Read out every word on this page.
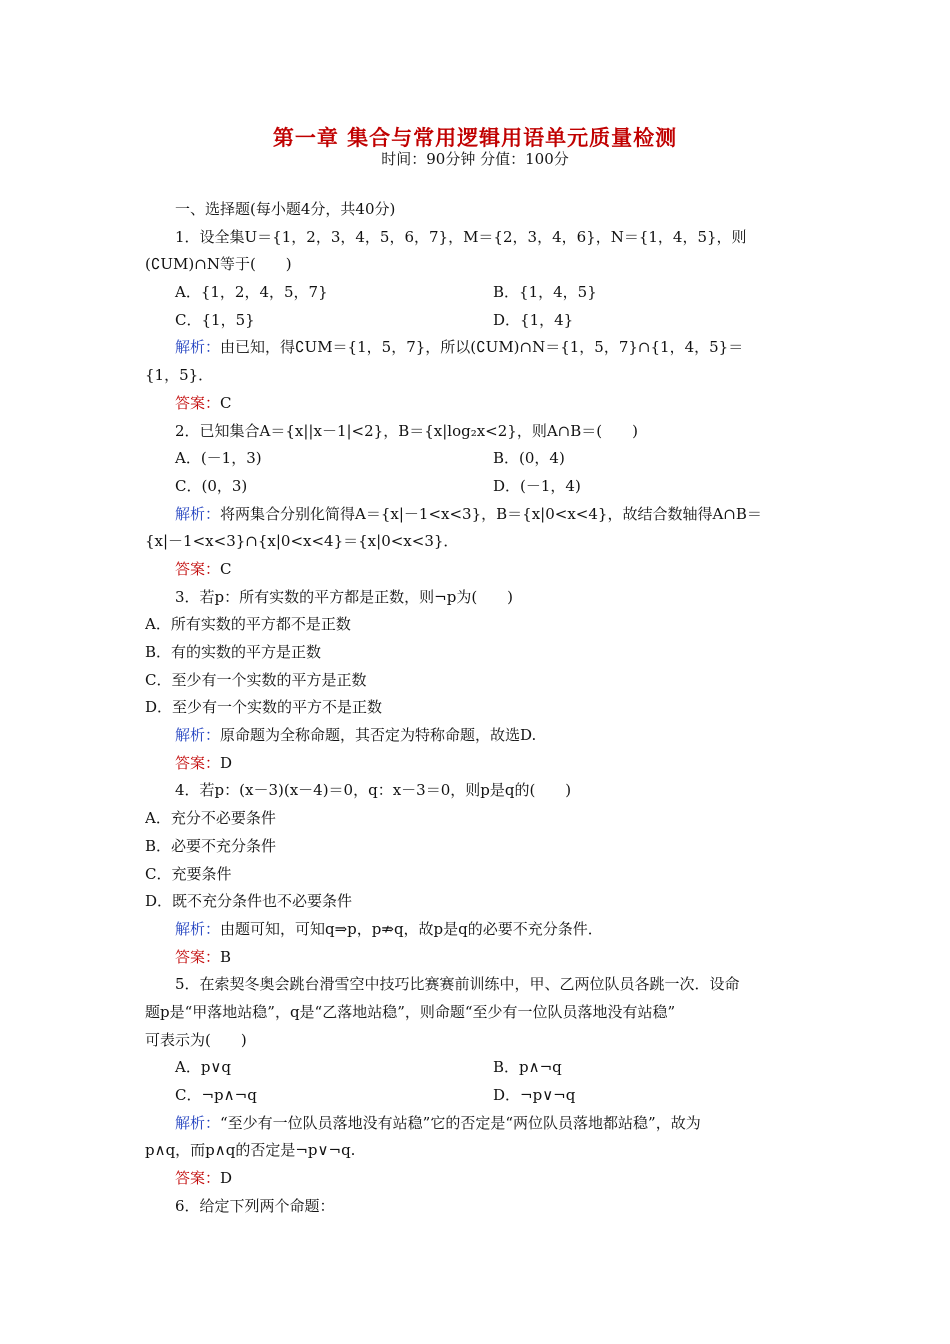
第一章 集合与常用逻辑用语单元质量检测
时间：90分钟 分值：100分
一、选择题(每小题4分，共40分)
1．设全集U＝{1，2，3，4，5，6，7}，M＝{2，3，4，6}，N＝{1，4，5}，则
(∁UM)∩N等于(　　)
A．{1，2，4，5，7}	B．{1，4，5}
C．{1，5}	D．{1，4}
解析：由已知，得∁UM＝{1，5，7}，所以(∁UM)∩N＝{1，5，7}∩{1，4，5}＝
{1，5}．
答案：C
2．已知集合A＝{x||x－1|<2}，B＝{x|log₂x<2}，则A∩B＝(　　)
A．(－1，3)	B．(0，4)
C．(0，3)	D．(－1，4)
解析：将两集合分别化简得A＝{x|－1<x<3}，B＝{x|0<x<4}，故结合数轴得A∩B＝
{x|－1<x<3}∩{x|0<x<4}＝{x|0<x<3}．
答案：C
3．若p：所有实数的平方都是正数，则¬p为(　　)
A．所有实数的平方都不是正数
B．有的实数的平方是正数
C．至少有一个实数的平方是正数
D．至少有一个实数的平方不是正数
解析：原命题为全称命题，其否定为特称命题，故选D.
答案：D
4．若p：(x－3)(x－4)＝0，q：x－3＝0，则p是q的(　　)
A．充分不必要条件
B．必要不充分条件
C．充要条件
D．既不充分条件也不必要条件
解析：由题可知，可知q⇒p，p⇏q，故p是q的必要不充分条件．
答案：B
5．在索契冬奥会跳台滑雪空中技巧比赛赛前训练中，甲、乙两位队员各跳一次．设命
题p是“甲落地站稳”，q是“乙落地站稳”，则命题“至少有一位队员落地没有站稳”
可表示为(　　)
A．p∨q	B．p∧¬q
C．¬p∧¬q	D．¬p∨¬q
解析：“至少有一位队员落地没有站稳”它的否定是“两位队员落地都站稳”，故为
p∧q，而p∧q的否定是¬p∨¬q.
答案：D
6．给定下列两个命题：
